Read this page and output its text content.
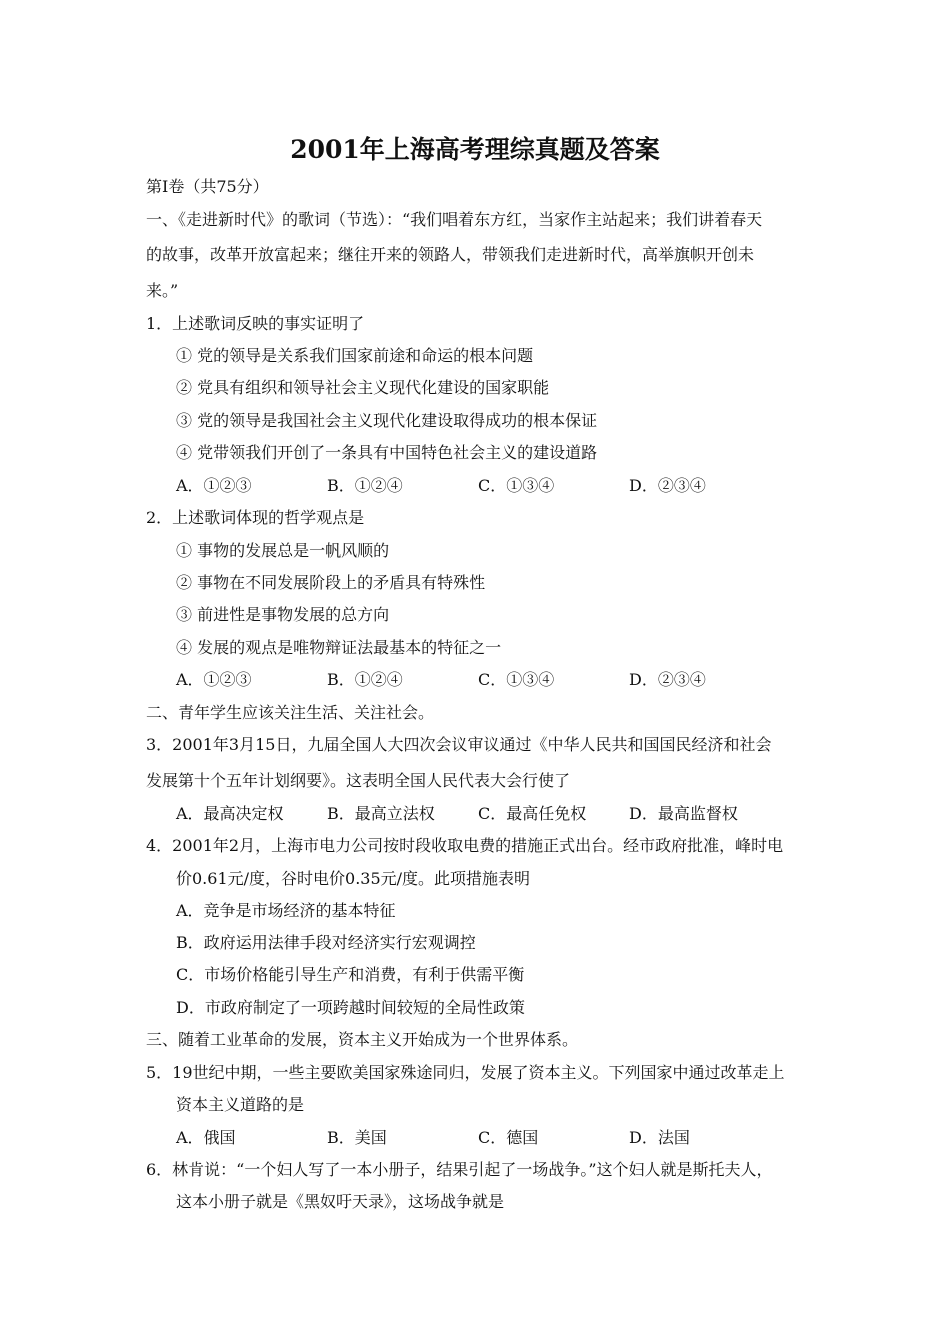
2001年上海高考理综真题及答案
第Ⅰ卷（共75分）
一、《走进新时代》的歌词（节选）：“我们唱着东方红，当家作主站起来；我们讲着春天
的故事，改革开放富起来；继往开来的领路人，带领我们走进新时代，高举旗帜开创未
来。”
1．上述歌词反映的事实证明了
① 党的领导是关系我们国家前途和命运的根本问题
② 党具有组织和领导社会主义现代化建设的国家职能
③ 党的领导是我国社会主义现代化建设取得成功的根本保证
④ 党带领我们开创了一条具有中国特色社会主义的建设道路
A．①②③	B．①②④	C．①③④	D．②③④
2．上述歌词体现的哲学观点是
① 事物的发展总是一帆风顺的
② 事物在不同发展阶段上的矛盾具有特殊性
③ 前进性是事物发展的总方向
④ 发展的观点是唯物辩证法最基本的特征之一
A．①②③	B．①②④	C．①③④	D．②③④
二、青年学生应该关注生活、关注社会。
3．2001年3月15日，九届全国人大四次会议审议通过《中华人民共和国国民经济和社会
发展第十个五年计划纲要》。这表明全国人民代表大会行使了
A．最高决定权	B．最高立法权	C．最高任免权	D．最高监督权
4．2001年2月，上海市电力公司按时段收取电费的措施正式出台。经市政府批准，峰时电
价0.61元/度，谷时电价0.35元/度。此项措施表明
A．竞争是市场经济的基本特征
B．政府运用法律手段对经济实行宏观调控
C．市场价格能引导生产和消费，有利于供需平衡
D．市政府制定了一项跨越时间较短的全局性政策
三、随着工业革命的发展，资本主义开始成为一个世界体系。
5．19世纪中期，一些主要欧美国家殊途同归，发展了资本主义。下列国家中通过改革走上
资本主义道路的是
A．俄国	B．美国	C．德国	D．法国
6．林肯说：“一个妇人写了一本小册子，结果引起了一场战争。”这个妇人就是斯托夫人，
这本小册子就是《黑奴吁天录》，这场战争就是
